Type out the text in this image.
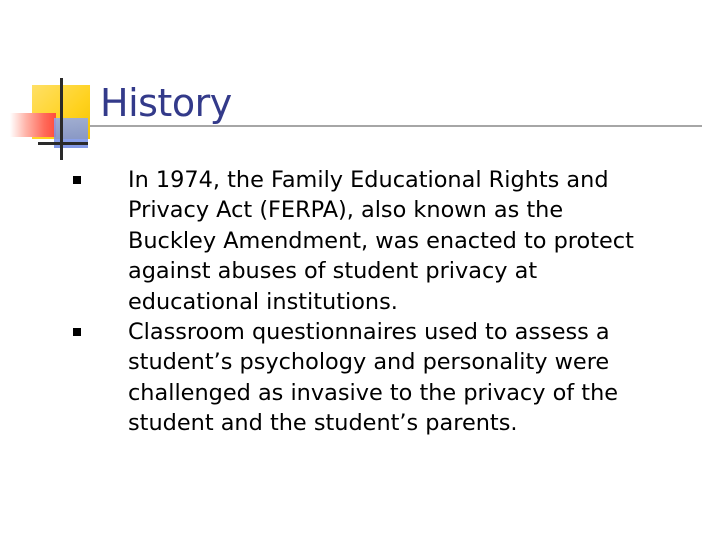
History
In 1974, the Family Educational Rights and
Privacy Act (FERPA), also known as the
Buckley Amendment, was enacted to protect
against abuses of student privacy at
educational institutions.
Classroom questionnaires used to assess a
student’s psychology and personality were
challenged as invasive to the privacy of the
student and the student’s parents.
